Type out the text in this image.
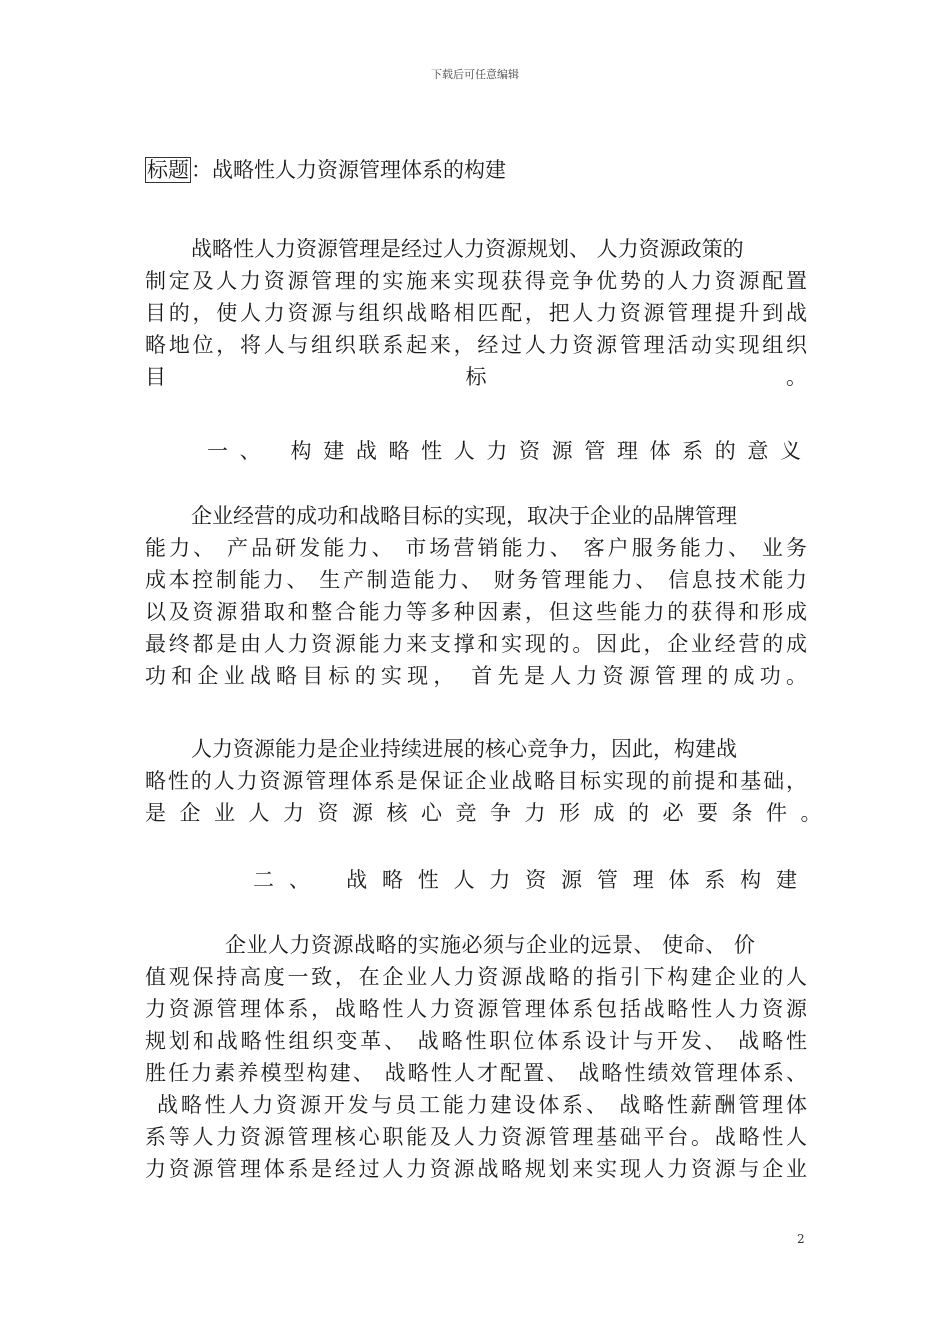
下载后可任意编辑
标题：战略性人力资源管理体系的构建
战略性人力资源管理是经过人力资源规划、 人力资源政策的
制定及人力资源管理的实施来实现获得竞争优势的人力资源配置
目的，使人力资源与组织战略相匹配，把人力资源管理提升到战
略地位，将人与组织联系起来，经过人力资源管理活动实现组织
目 标 。
一、 构建战略性人力资源管理体系的意义
企业经营的成功和战略目标的实现，取决于企业的品牌管理
能力、 产品研发能力、 市场营销能力、 客户服务能力、 业务
成本控制能力、 生产制造能力、 财务管理能力、 信息技术能力
以及资源猎取和整合能力等多种因素，但这些能力的获得和形成
最终都是由人力资源能力来支撑和实现的。因此，企业经营的成
功和企业战略目标的实现， 首先是人力资源管理的成功。
人力资源能力是企业持续进展的核心竞争力，因此，构建战
略性的人力资源管理体系是保证企业战略目标实现的前提和基础，
是企业人力资源核心竞争力形成的必要条件。
二、 战略性人力资源管理体系构建
企业人力资源战略的实施必须与企业的远景、 使命、 价
值观保持高度一致，在企业人力资源战略的指引下构建企业的人
力资源管理体系，战略性人力资源管理体系包括战略性人力资源
规划和战略性组织变革、 战略性职位体系设计与开发、 战略性
胜任力素养模型构建、 战略性人才配置、 战略性绩效管理体系、
战略性人力资源开发与员工能力建设体系、 战略性薪酬管理体
系等人力资源管理核心职能及人力资源管理基础平台。战略性人
力资源管理体系是经过人力资源战略规划来实现人力资源与企业
2
